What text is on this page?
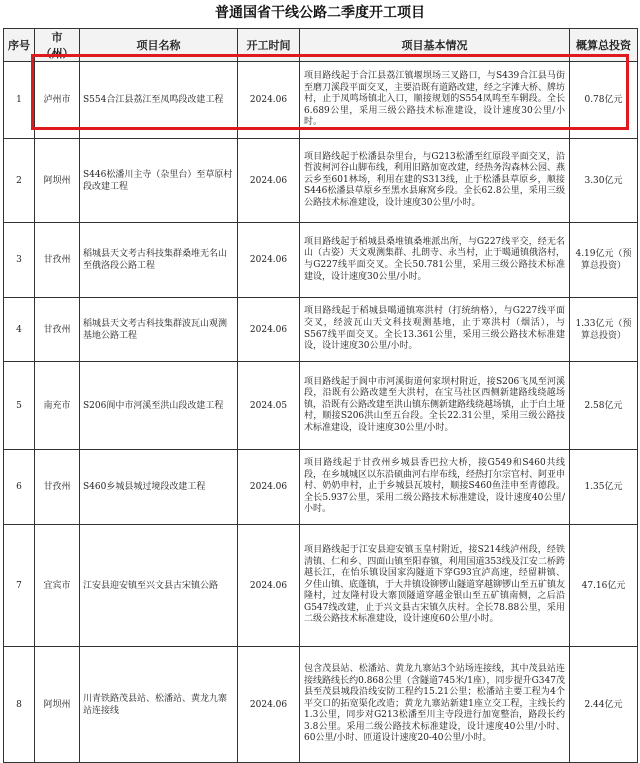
普通国省干线公路二季度开工项目
序号	市（州）	项目名称	开工时间	项目基本情况	概算总投资
1	泸州市	S554合江县荔江至凤鸣段改建工程	2024.06	项目路线起于合江县荔江镇堰坝场三叉路口，与S439合江县马街至磨刀溪段平面交叉，主要沿既有道路改建，经之字滩大桥、牌坊村，止于凤鸣场镇北入口，顺接规划的S554凤鸣至车辋段。全长6.689公里，采用三级公路技术标准建设，设计速度30公里/小时。	0.78亿元
2	阿坝州	S446松潘川主寺（杂里台）至草原村段改建工程	2024.06	项目路线起于松潘县杂里台，与G213松潘至红原段平面交叉，沿哲波柯河谷山脚布线，利用旧路加宽改建，经热务沟森林公园、燕云乡至601林场，利用在建的S313线，止于松潘县草原乡，顺接S446松潘县草原乡至黑水县麻窝乡段。全长62.8公里，采用三级公路技术标准建设，设计速度30公里/小时。	3.30亿元
3	甘孜州	稻城县天文考古科技集群桑堆无名山至俄洛段公路工程	2024.06	项目路线起于稻城县桑堆镇桑堆派出所，与G227线平交，经无名山（古姿）天文观测集群、扎朗寺、永当村，止于噶通镇俄洛村，与G227线平面交叉。全长50.781公里，采用三级公路技术标准建设，设计速度30公里/小时。	4.19亿元（预算总投资）
4	甘孜州	稻城县天文考古科技集群波瓦山观测基地公路工程	2024.06	项目路线起于稻城县噶通镇寒洪村（打统纳格），与G227线平面交叉，经波瓦山天文科技观测基地，止于寒洪村（烟活），与S567线平面交叉。全长13.361公里，采用三级公路技术标准建设，设计速度30公里/小时。	1.33亿元（预算总投资）
5	南充市	S206阆中市河溪至洪山段改建工程	2024.05	项目路线起于阆中市河溪街道何家坝村附近，接S206飞凤至河溪段，沿既有公路改建至大洪村，在宝马社区西侧新建路线绕越场镇，沿既有公路改建至洪山镇东侧新建路线绕越场镇，止于白土垭村，顺接S206洪山至五台段。全长22.31公里，采用三级公路技术标准建设，设计速度30公里/小时。	2.58亿元
6	甘孜州	S460乡城县城过境段改建工程	2024.06	项目路线起于甘孜州乡城县香巴拉大桥，接G549和S460共线段，在乡城城区以东沿硕曲河右岸布线，经热打尔宗官村、阿亚申村、奶奶申村，止于乡城县瓦坡村，顺接S460鱼洼申至青德段。全长5.937公里，采用二级公路技术标准建设，设计速度40公里/小时。	1.35亿元
7	宜宾市	江安县迎安镇至兴文县古宋镇公路	2024.06	项目路线起于江安县迎安镇玉皇村附近，接S214线泸州段，经铁清镇、仁和乡、四面山镇至阳春镇，利用国道353线及江安二桥跨越长江，在怡乐镇设国家沟隧道下穿G93宜泸高速，经留耕镇、夕佳山镇、底蓬镇，于大井镇设铆锣山隧道穿越铆锣山至五矿镇友隆村，过友隆村设大寨顶隧道穿越金银山至五矿镇南侧，之后沿G547线改建，止于兴文县古宋镇久庆村。全长78.88公里，采用二级公路技术标准建设，设计速度60公里/小时。	47.16亿元
8	阿坝州	川青铁路茂县站、松潘站、黄龙九寨站连接线	2024.06	包含茂县站、松潘站、黄龙九寨站3个站场连接线，其中茂县站连接线路线长约0.868公里（含隧道745米/1座），同步提升G347茂县至茂县城段沿线安防工程约15.21公里；松潘站主要工程为4个平交口的拓宽渠化改造；黄龙九寨站新建1座立交工程，主线长约1.3公里，同步对G213松潘至川主寺段进行加宽整治，路段长约3.8公里。采用二级公路技术标准建设，设计速度40公里/小时、60公里/小时、匝道设计速度20-40公里/小时。	2.44亿元
